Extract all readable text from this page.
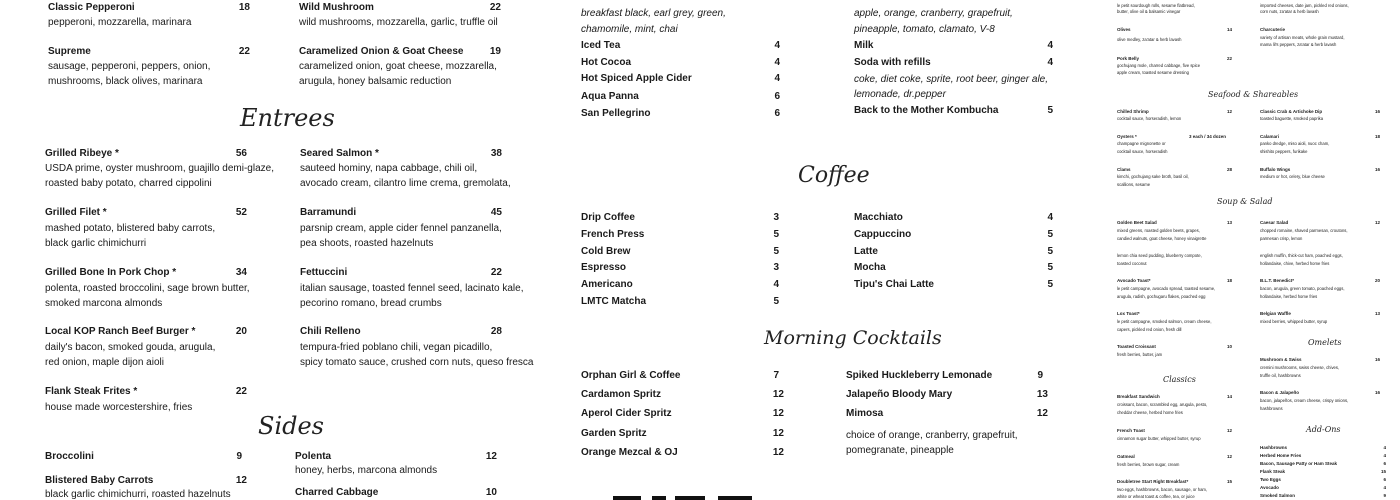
Classic Pepperoni	18
pepperoni, mozzarella, marinara
Wild Mushroom	22
wild mushrooms, mozzarella, garlic, truffle oil
Supreme	22
sausage, pepperoni, peppers, onion,
mushrooms, black olives, marinara
Caramelized Onion & Goat Cheese	19
caramelized onion, goat cheese, mozzarella,
arugula, honey balsamic reduction
Entrees
Grilled Ribeye *	56
USDA prime, oyster mushroom, guajillo demi-glaze,
roasted baby potato, charred cippolini
Seared Salmon *	38
sauteed hominy, napa cabbage, chili oil,
avocado cream, cilantro lime crema, gremolata,
Grilled Filet *	52
mashed potato, blistered baby carrots,
black garlic chimichurri
Barramundi	45
parsnip cream, apple cider fennel panzanella,
pea shoots, roasted hazelnuts
Grilled Bone In Pork Chop *	34
polenta, roasted broccolini, sage brown butter,
smoked marcona almonds
Fettuccini	22
italian sausage, toasted fennel seed, lacinato kale,
pecorino romano, bread crumbs
Local KOP Ranch Beef Burger *	20
daily's bacon, smoked gouda, arugula,
red onion, maple dijon aioli
Chili Relleno	28
tempura-fried poblano chili, vegan picadillo,
spicy tomato sauce, crushed corn nuts, queso fresca
Flank Steak Frites *	22
house made worcestershire, fries
Sides
Broccolini	9	Polenta	12
honey, herbs, marcona almonds
Blistered Baby Carrots	12
black garlic chimichurri, roasted hazelnuts	Charred Cabbage	10
breakfast black, earl grey, green,
chamomile, mint, chai
Iced Tea	4
Hot Cocoa	4
Hot Spiced Apple Cider	4
Aqua Panna	6
San Pellegrino	6
apple, orange, cranberry, grapefruit,
pineapple, tomato, clamato, V-8
Milk	4
Soda with refills	4
coke, diet coke, sprite, root beer, ginger ale,
lemonade, dr.pepper
Back to the Mother Kombucha	5
Coffee
Drip Coffee	3
French Press	5
Cold Brew	5
Espresso	3
Americano	4
LMTC Matcha	5
Macchiato	4
Cappuccino	5
Latte	5
Mocha	5
Tipu's Chai Latte	5
Morning Cocktails
Orphan Girl & Coffee	7
Cardamon Spritz	12
Aperol Cider Spritz	12
Garden Spritz	12
Orange Mezcal & OJ	12
Spiked Huckleberry Lemonade	9
Jalapeño Bloody Mary	13
Mimosa	12
choice of orange, cranberry, grapefruit,
pomegranate, pineapple
le petit sourdough rolls, sesame flatbread,
butter, olive oil & balsamic vinegar
imported cheeses, date jam, pickled red onions,
corn nuts, za'atar & herb lavash
Olives	14
olive medley, za'atar & herb lavash
Charcuterie
variety of artisan meats, whole grain mustard,
mama lil's peppers, za'atar & herb lavash
Pork Belly	22
gochujang mole, charred cabbage, five spice
apple cream, toasted sesame dressing
Seafood & Shareables
Chilled Shrimp	12
cocktail sauce, horseradish, lemon
Oysters *	3 each / 34 dozen
champagne mignonette or
cocktail sauce, horseradish
Clams	28
kimchi, gochujang sake broth, basil oil,
scallions, sesame
Classic Crab & Artichoke Dip	16
toasted baguette, smoked paprika
Calamari	18
panko dredge, miso aioli, nuoc cham,
shishito peppers, furikake
Buffalo Wings	16
medium or hot, celery, blue cheese
Soup & Salad
Golden Beet Salad	13
mixed greens, roasted golden beets, grapes,
candied walnuts, goat cheese, honey vinaigrette
Caesar Salad	12
chopped romaine, shaved parmesan, croutons,
parmesan crisp, lemon
lemon chia seed pudding, blueberry compote,
toasted coconut
english muffin, thick-cut ham, poached eggs,
hollandaise, chive, herbed home fries
Avocado Toast*	18
le petit campagne, avocado spread, toasted sesame,
arugula, radish, gochugaru flakes, poached egg
Lox Toast*
le petit campagne, smoked salmon, cream cheese,
capers, pickled red onion, fresh dill
Toasted Croissant	10
fresh berries, butter, jam
B.L.T. Benedict*	20
bacon, arugula, green tomato, poached eggs,
hollandaise, herbed home fries
Belgian Waffle	13
mixed berries, whipped butter, syrup
Omelets
Mushroom & Swiss	16
cremini mushrooms, swiss cheese, chives,
truffle oil, hashbrowns
Bacon & Jalapeño	16
bacon, jalapeños, cream cheese, crispy onions,
hashbrowns
Classics
Breakfast Sandwich	14
croissant, bacon, scrambled egg, arugula, pesto,
cheddar cheese, herbed home fries
French Toast	12
cinnamon sugar butter, whipped butter, syrup
Oatmeal	12
fresh berries, brown sugar, cream
Doubletree Start Right Breakfast*	15
two eggs, hashbrowns, bacon, sausage, or ham,
white or wheat toast & coffee, tea, or juice
Add-Ons
Hashbrowns	4
Herbed Home Fries	4
Bacon, Sausage Patty or Ham Steak	6
Flank Steak	15
Two Eggs	6
Avocado	4
Smoked Salmon	9
